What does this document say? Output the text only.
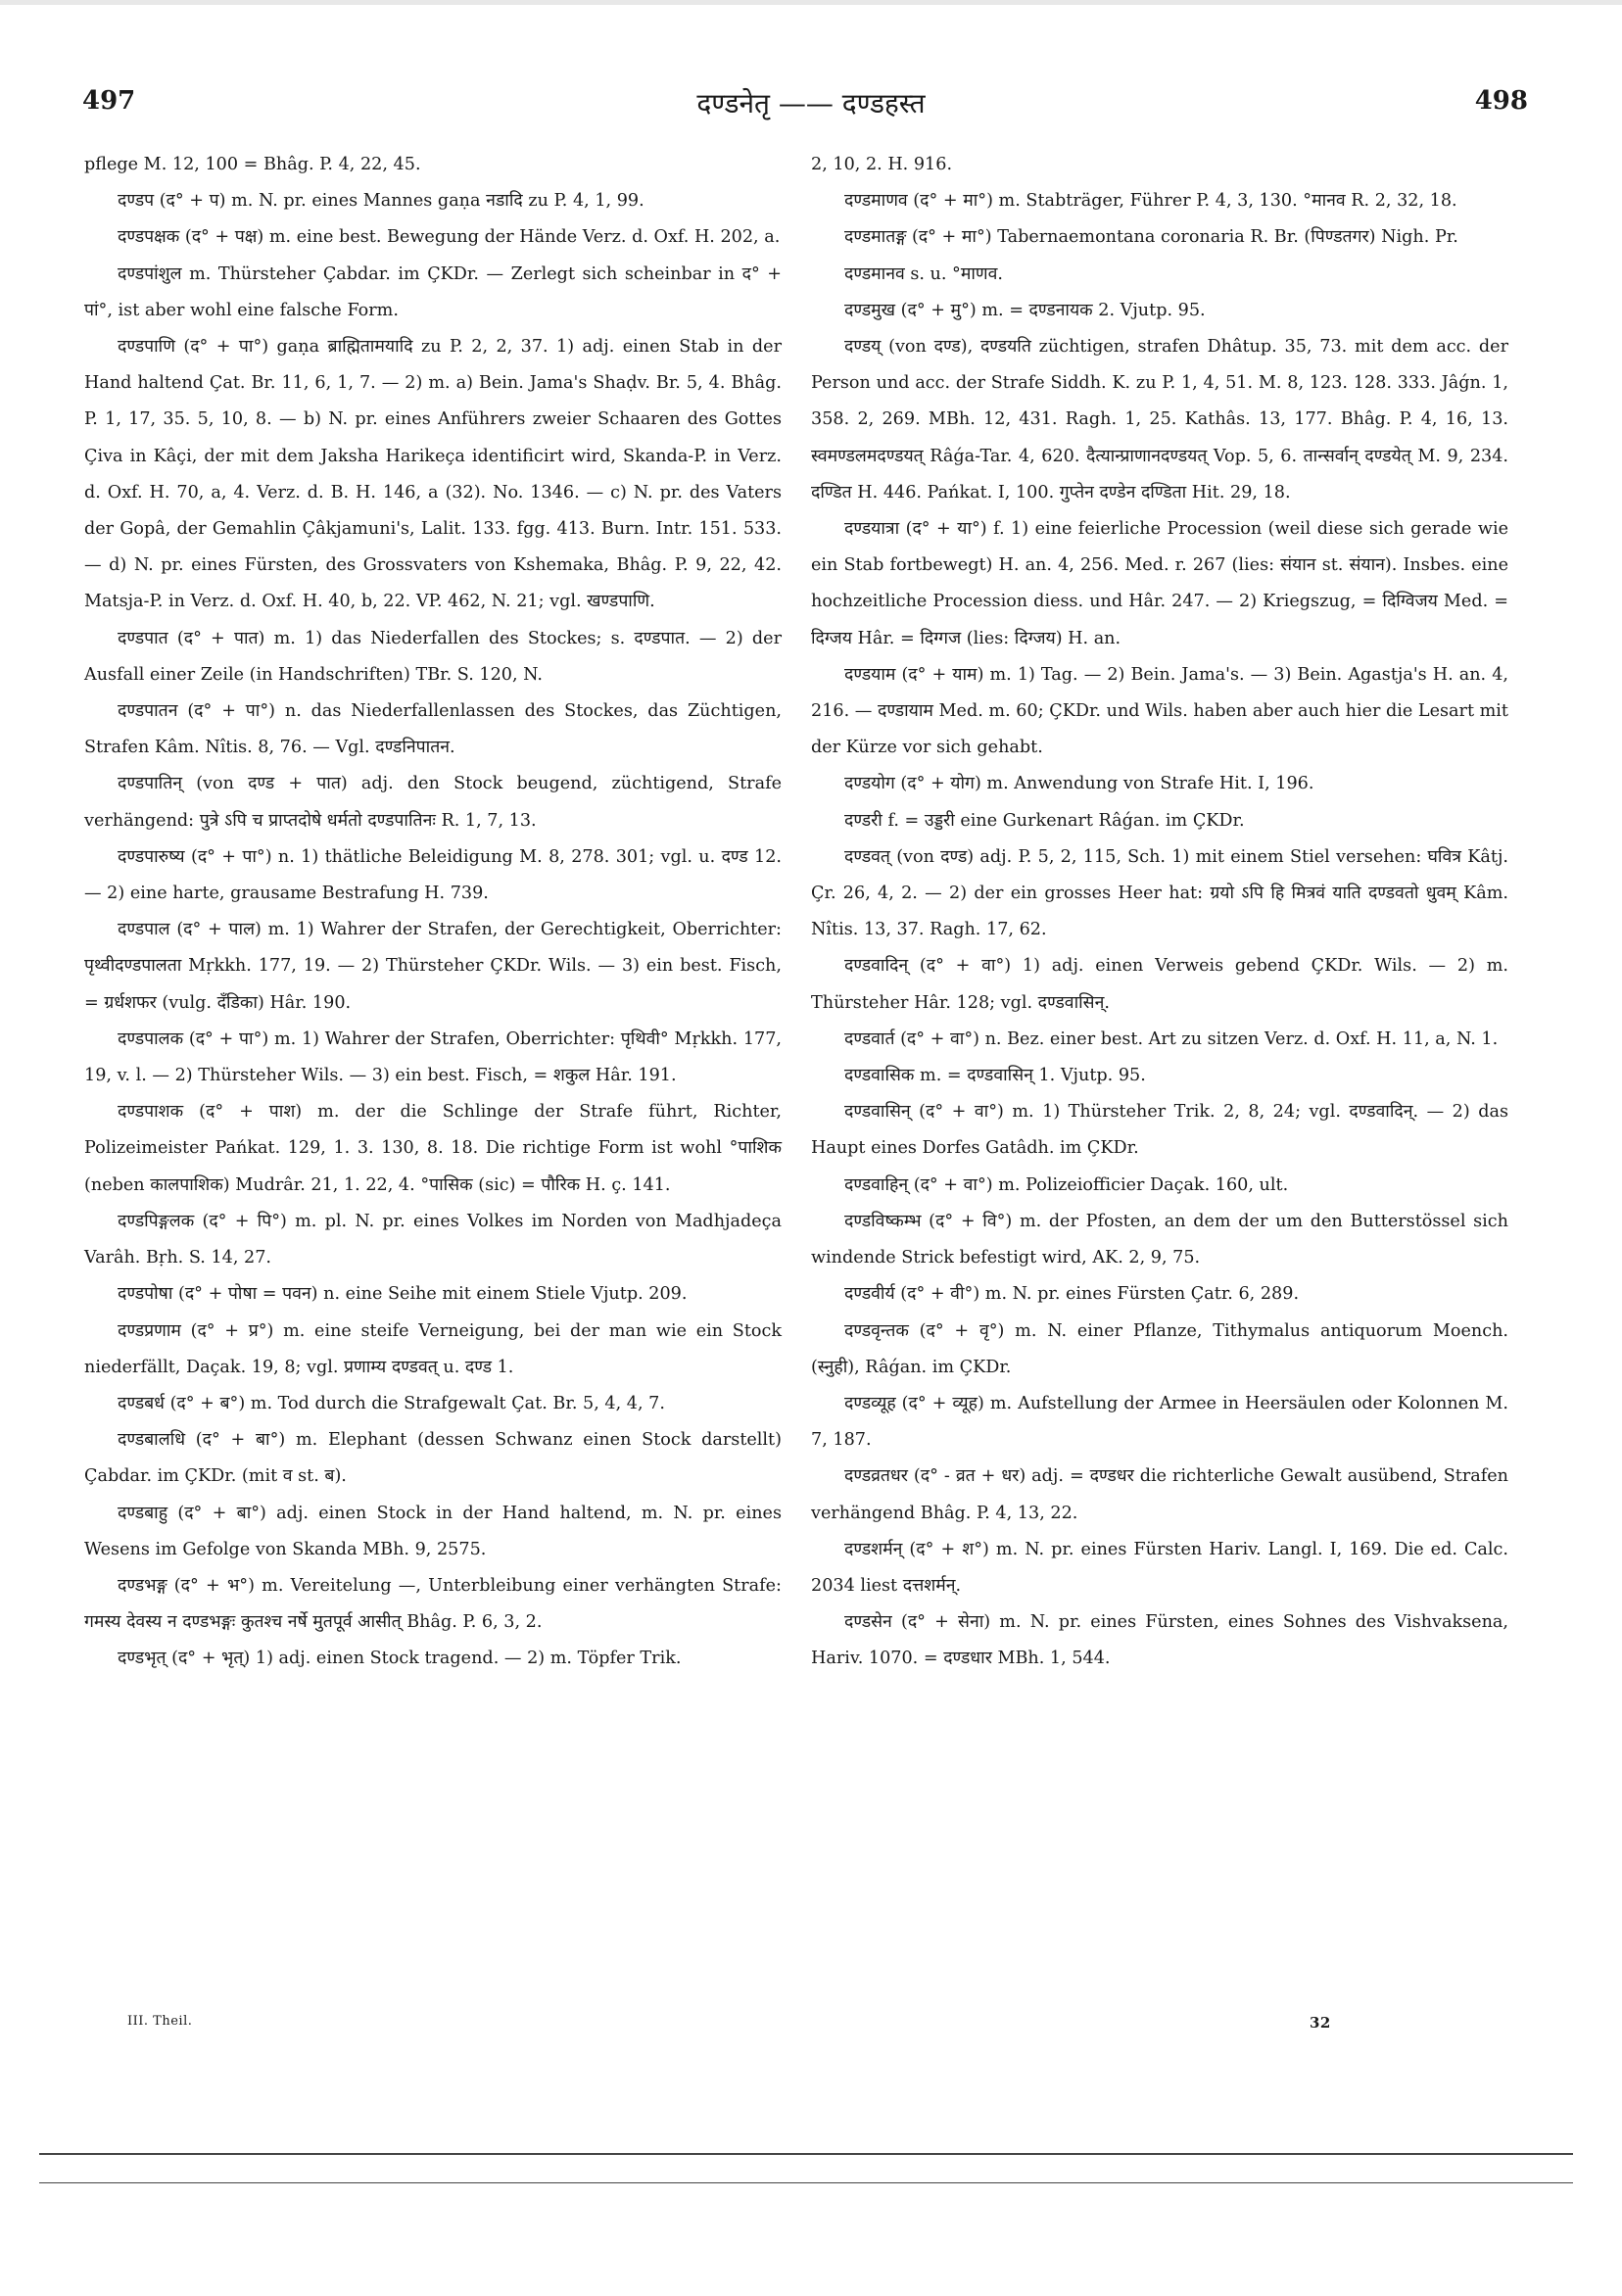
497	दण्डनेतृ —— दण्डहस्त	498

pflege M. 12, 100 = Bhâg. P. 4, 22, 45.

दण्डप (द° + प) m. N. pr. eines Mannes gaṇa नडादि zu P. 4, 1, 99.

दण्डपक्षक (द° + पक्ष) m. eine best. Bewegung der Hände Verz. d. Oxf. H. 202, a.

दण्डपांशुल m. Thürsteher Çabdar. im ÇKDr. — Zerlegt sich scheinbar in द° + पां°, ist aber wohl eine falsche Form.

दण्डपाणि (द° + पा°) gaṇa ब्राह्मितामयादि zu P. 2, 2, 37. 1) adj. einen Stab in der Hand haltend Çat. Br. 11, 6, 1, 7. — 2) m. a) Bein. Jama's Shaḍv. Br. 5, 4. Bhâg. P. 1, 17, 35. 5, 10, 8. — b) N. pr. eines Anführers zweier Schaaren des Gottes Çiva in Kâçi, der mit dem Jaksha Harikeça identificirt wird, Skanda-P. in Verz. d. Oxf. H. 70, a, 4. Verz. d. B. H. 146, a (32). No. 1346. — c) N. pr. des Vaters der Gopâ, der Gemahlin Çâkjamuni's, Lalit. 133. fgg. 413. Burn. Intr. 151. 533. — d) N. pr. eines Fürsten, des Grossvaters von Kshemaka, Bhâg. P. 9, 22, 42. Matsja-P. in Verz. d. Oxf. H. 40, b, 22. VP. 462, N. 21; vgl. खण्डपाणि.

दण्डपात (द° + पात) m. 1) das Niederfallen des Stockes; s. दण्डपात. — 2) der Ausfall einer Zeile (in Handschriften) TBr. S. 120, N.

दण्डपातन (द° + पा°) n. das Niederfallenlassen des Stockes, das Züchtigen, Strafen Kâm. Nîtis. 8, 76. — Vgl. दण्डनिपातन.

दण्डपातिन् (von दण्ड + पात) adj. den Stock beugend, züchtigend, Strafe verhängend: पुत्रे ऽपि च प्राप्तदोषे धर्मतो दण्डपातिनः R. 1, 7, 13.

दण्डपारुष्य (द° + पा°) n. 1) thätliche Beleidigung M. 8, 278. 301; vgl. u. दण्ड 12. — 2) eine harte, grausame Bestrafung H. 739.

दण्डपाल (द° + पाल) m. 1) Wahrer der Strafen, der Gerechtigkeit, Oberrichter: पृथ्वीदण्डपालता Mṛkkh. 177, 19. — 2) Thürsteher ÇKDr. Wils. — 3) ein best. Fisch, = ग्रर्धशफर (vulg. दँडिका) Hâr. 190.

दण्डपालक (द° + पा°) m. 1) Wahrer der Strafen, Oberrichter: पृथिवी° Mṛkkh. 177, 19, v. l. — 2) Thürsteher Wils. — 3) ein best. Fisch, = शकुल Hâr. 191.

दण्डपाशक (द° + पाश) m. der die Schlinge der Strafe führt, Richter, Polizeimeister Pańkat. 129, 1. 3. 130, 8. 18. Die richtige Form ist wohl °पाशिक (neben कालपाशिक) Mudrâr. 21, 1. 22, 4. °पासिक (sic) = पौरिक H. ç. 141.

दण्डपिङ्गलक (द° + पि°) m. pl. N. pr. eines Volkes im Norden von Madhjadeça Varâh. Bṛh. S. 14, 27.

दण्डपोषा (द° + पोषा = पवन) n. eine Seihe mit einem Stiele Vjutp. 209.

दण्डप्रणाम (द° + प्र°) m. eine steife Verneigung, bei der man wie ein Stock niederfällt, Daçak. 19, 8; vgl. प्रणाम्य दण्डवत् u. दण्ड 1.

दण्डबर्ध (द° + ब°) m. Tod durch die Strafgewalt Çat. Br. 5, 4, 4, 7.

दण्डबालधि (द° + बा°) m. Elephant (dessen Schwanz einen Stock darstellt) Çabdar. im ÇKDr. (mit व st. ब).

दण्डबाहु (द° + बा°) adj. einen Stock in der Hand haltend, m. N. pr. eines Wesens im Gefolge von Skanda MBh. 9, 2575.

दण्डभङ्ग (द° + भ°) m. Vereitelung —, Unterbleibung einer verhängten Strafe: गमस्य देवस्य न दण्डभङ्गः कुतश्च नर्षे मुतपूर्व आसीत् Bhâg. P. 6, 3, 2.

दण्डभृत् (द° + भृत्) 1) adj. einen Stock tragend. — 2) m. Töpfer Trik.

2, 10, 2. H. 916.

दण्डमाणव (द° + मा°) m. Stabträger, Führer P. 4, 3, 130. °मानव R. 2, 32, 18.

दण्डमातङ्ग (द° + मा°) Tabernaemontana coronaria R. Br. (पिण्डतगर) Nigh. Pr.

दण्डमानव s. u. °माणव.

दण्डमुख (द° + मु°) m. = दण्डनायक 2. Vjutp. 95.

दण्डय् (von दण्ड), दण्डयति züchtigen, strafen Dhâtup. 35, 73. mit dem acc. der Person und acc. der Strafe Siddh. K. zu P. 1, 4, 51. M. 8, 123. 128. 333. Jâǵn. 1, 358. 2, 269. MBh. 12, 431. Ragh. 1, 25. Kathâs. 13, 177. Bhâg. P. 4, 16, 13. स्वमण्डलमदण्डयत् Râǵa-Tar. 4, 620. दैत्यान्प्राणानदण्डयत् Vop. 5, 6. तान्सर्वान् दण्डयेत् M. 9, 234. दण्डित H. 446. Pańkat. I, 100. गुप्तेन दण्डेन दण्डिता Hit. 29, 18.

दण्डयात्रा (द° + या°) f. 1) eine feierliche Procession (weil diese sich gerade wie ein Stab fortbewegt) H. an. 4, 256. Med. r. 267 (lies: संयान st. संयान). Insbes. eine hochzeitliche Procession diess. und Hâr. 247. — 2) Kriegszug, = दिग्विजय Med. = दिग्जय Hâr. = दिग्गज (lies: दिग्जय) H. an.

दण्डयाम (द° + याम) m. 1) Tag. — 2) Bein. Jama's. — 3) Bein. Agastja's H. an. 4, 216. — दण्डायाम Med. m. 60; ÇKDr. und Wils. haben aber auch hier die Lesart mit der Kürze vor sich gehabt.

दण्डयोग (द° + योग) m. Anwendung von Strafe Hit. I, 196.

दण्डरी f. = उड्डरी eine Gurkenart Râǵan. im ÇKDr.

दण्डवत् (von दण्ड) adj. P. 5, 2, 115, Sch. 1) mit einem Stiel versehen: घवित्र Kâtj. Çr. 26, 4, 2. — 2) der ein grosses Heer hat: ग्रयो ऽपि हि मित्रवं याति दण्डवतो धुवम् Kâm. Nîtis. 13, 37. Ragh. 17, 62.

दण्डवादिन् (द° + वा°) 1) adj. einen Verweis gebend ÇKDr. Wils. — 2) m. Thürsteher Hâr. 128; vgl. दण्डवासिन्.

दण्डवार्त (द° + वा°) n. Bez. einer best. Art zu sitzen Verz. d. Oxf. H. 11, a, N. 1.

दण्डवासिक m. = दण्डवासिन् 1. Vjutp. 95.

दण्डवासिन् (द° + वा°) m. 1) Thürsteher Trik. 2, 8, 24; vgl. दण्डवादिन्. — 2) das Haupt eines Dorfes Gatâdh. im ÇKDr.

दण्डवाहिन् (द° + वा°) m. Polizeiofficier Daçak. 160, ult.

दण्डविष्कम्भ (द° + वि°) m. der Pfosten, an dem der um den Butterstössel sich windende Strick befestigt wird, AK. 2, 9, 75.

दण्डवीर्य (द° + वी°) m. N. pr. eines Fürsten Çatr. 6, 289.

दण्डवृन्तक (द° + वृ°) m. N. einer Pflanze, Tithymalus antiquorum Moench. (स्नुही), Râǵan. im ÇKDr.

दण्डव्यूह (द° + व्यूह) m. Aufstellung der Armee in Heersäulen oder Kolonnen M. 7, 187.

दण्डव्रतधर (द° - व्रत + धर) adj. = दण्डधर die richterliche Gewalt ausübend, Strafen verhängend Bhâg. P. 4, 13, 22.

दण्डशर्मन् (द° + श°) m. N. pr. eines Fürsten Hariv. Langl. I, 169. Die ed. Calc. 2034 liest दत्तशर्मन्.

दण्डसेन (द° + सेना) m. N. pr. eines Fürsten, eines Sohnes des Vishvaksena, Hariv. 1070. = दण्डधार MBh. 1, 544.

III. Theil.	32
